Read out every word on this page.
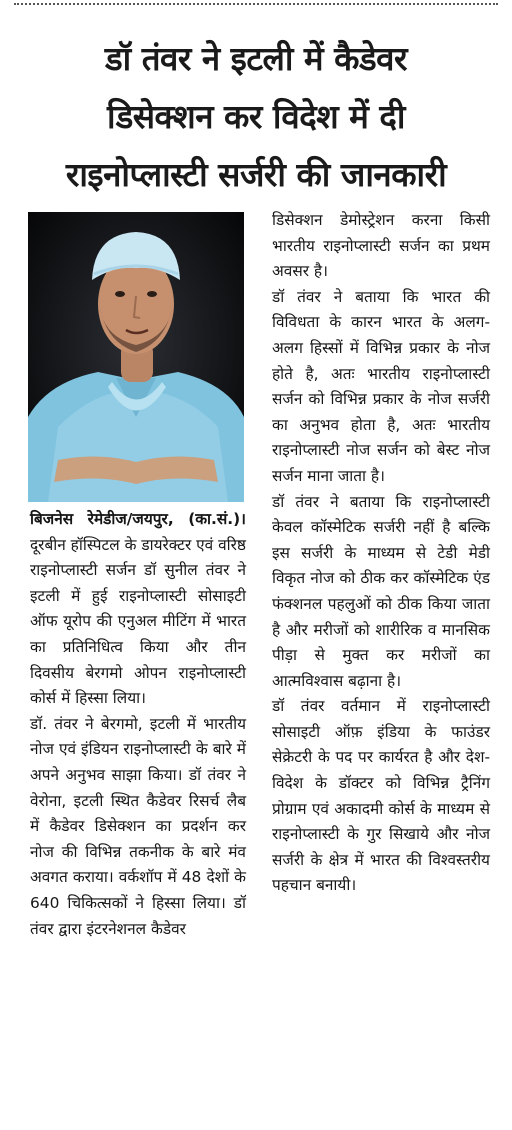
डॉ तंवर ने इटली में कैडेवर
डिसेक्शन कर विदेश में दी
राइनोप्लास्टी सर्जरी की जानकारी

बिजनेस रेमेडीज/जयपुर, (का.सं.)। दूरबीन हॉस्पिटल के डायरेक्टर एवं वरिष्ठ राइनोप्लास्टी सर्जन डॉ सुनील तंवर ने इटली में हुई राइनोप्लास्टी सोसाइटी ऑफ यूरोप की एनुअल मीटिंग में भारत का प्रतिनिधित्व किया और तीन दिवसीय बेरगमो ओपन राइनोप्लास्टी कोर्स में हिस्सा लिया।

डॉ. तंवर ने बेरगमो, इटली में भारतीय नोज एवं इंडियन राइनोप्लास्टी के बारे में अपने अनुभव साझा किया। डॉ तंवर ने वेरोना, इटली स्थित कैडेवर रिसर्च लैब में कैडेवर डिसेक्शन का प्रदर्शन कर नोज की विभिन्न तकनीक के बारे मंव अवगत कराया। वर्कशॉप में 48 देशों के 640 चिकित्सकों ने हिस्सा लिया। डॉ तंवर द्वारा इंटरनेशनल कैडेवर

डिसेक्शन डेमोस्ट्रेशन करना किसी भारतीय राइनोप्लास्टी सर्जन का प्रथम अवसर है।

डॉ तंवर ने बताया कि भारत की विविधता के कारन भारत के अलग-अलग हिस्सों में विभिन्न प्रकार के नोज होते है, अतः भारतीय राइनोप्लास्टी सर्जन को विभिन्न प्रकार के नोज सर्जरी का अनुभव होता है, अतः भारतीय राइनोप्लास्टी नोज सर्जन को बेस्ट नोज सर्जन माना जाता है।

डॉ तंवर ने बताया कि राइनोप्लास्टी केवल कॉस्मेटिक सर्जरी नहीं है बल्कि इस सर्जरी के माध्यम से टेडी मेडी विकृत नोज को ठीक कर कॉस्मेटिक एंड फंक्शनल पहलुओं को ठीक किया जाता है और मरीजों को शारीरिक व मानसिक पीड़ा से मुक्त कर मरीजों का आत्मविश्वास बढ़ाना है।

डॉ तंवर वर्तमान में राइनोप्लास्टी सोसाइटी ऑफ़ इंडिया के फाउंडर सेक्रेटरी के पद पर कार्यरत है और देश-विदेश के डॉक्टर को विभिन्न ट्रैनिंग प्रोग्राम एवं अकादमी कोर्स के माध्यम से राइनोप्लास्टी के गुर सिखाये और नोज सर्जरी के क्षेत्र में भारत की विश्वस्तरीय पहचान बनायी।
